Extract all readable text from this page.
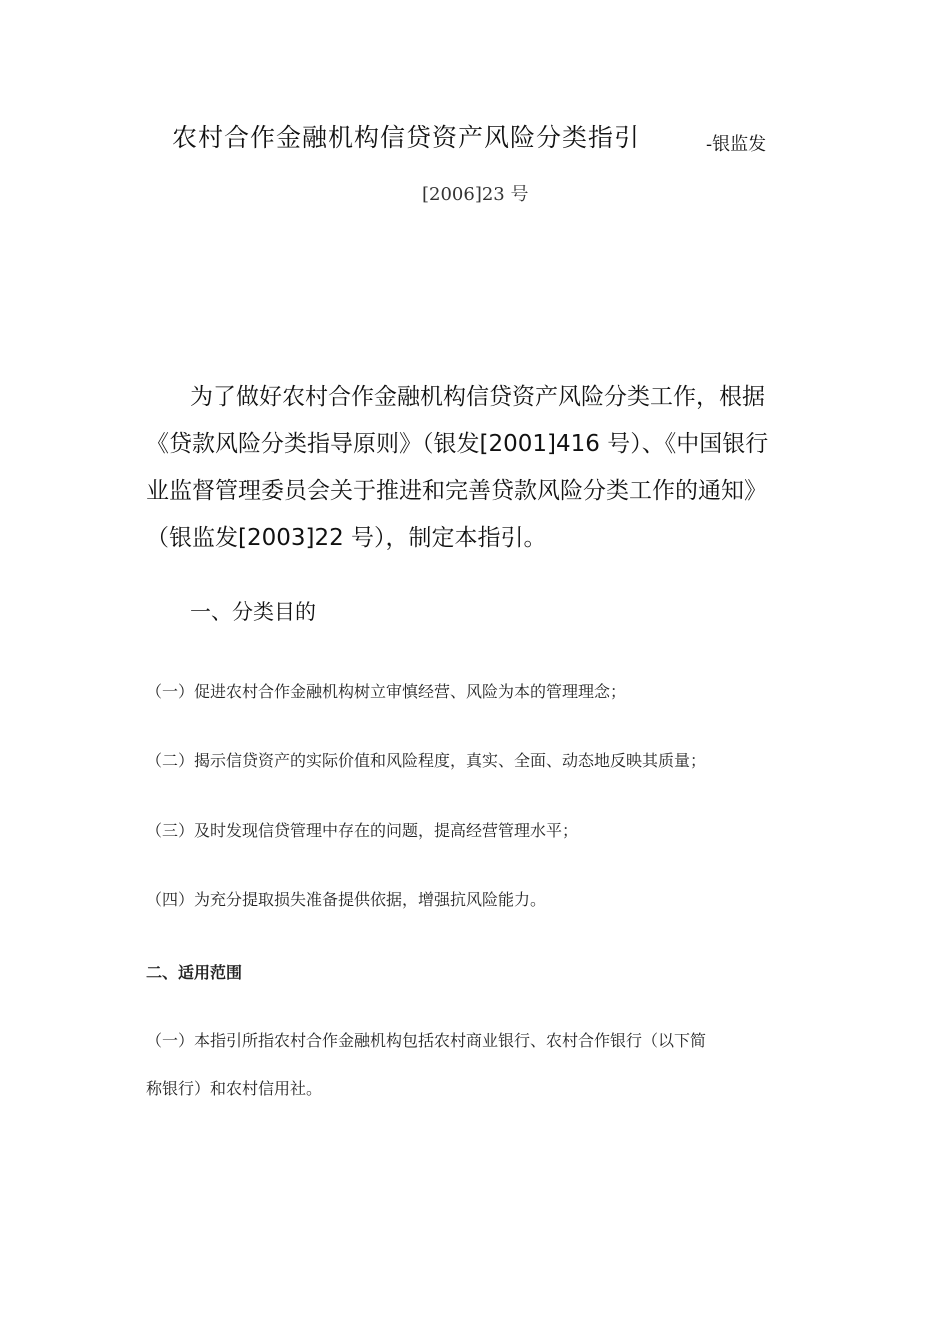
农村合作金融机构信贷资产风险分类指引	-银监发
[2006]23 号
为了做好农村合作金融机构信贷资产风险分类工作，根据
《贷款风险分类指导原则》（银发[2001]416 号）、《中国银行
业监督管理委员会关于推进和完善贷款风险分类工作的通知》
（银监发[2003]22 号），制定本指引。
一、分类目的
（一）促进农村合作金融机构树立审慎经营、风险为本的管理理念；
（二）揭示信贷资产的实际价值和风险程度，真实、全面、动态地反映其质量；
（三）及时发现信贷管理中存在的问题，提高经营管理水平；
（四）为充分提取损失准备提供依据，增强抗风险能力。
二、适用范围
（一）本指引所指农村合作金融机构包括农村商业银行、农村合作银行（以下简
称银行）和农村信用社。
